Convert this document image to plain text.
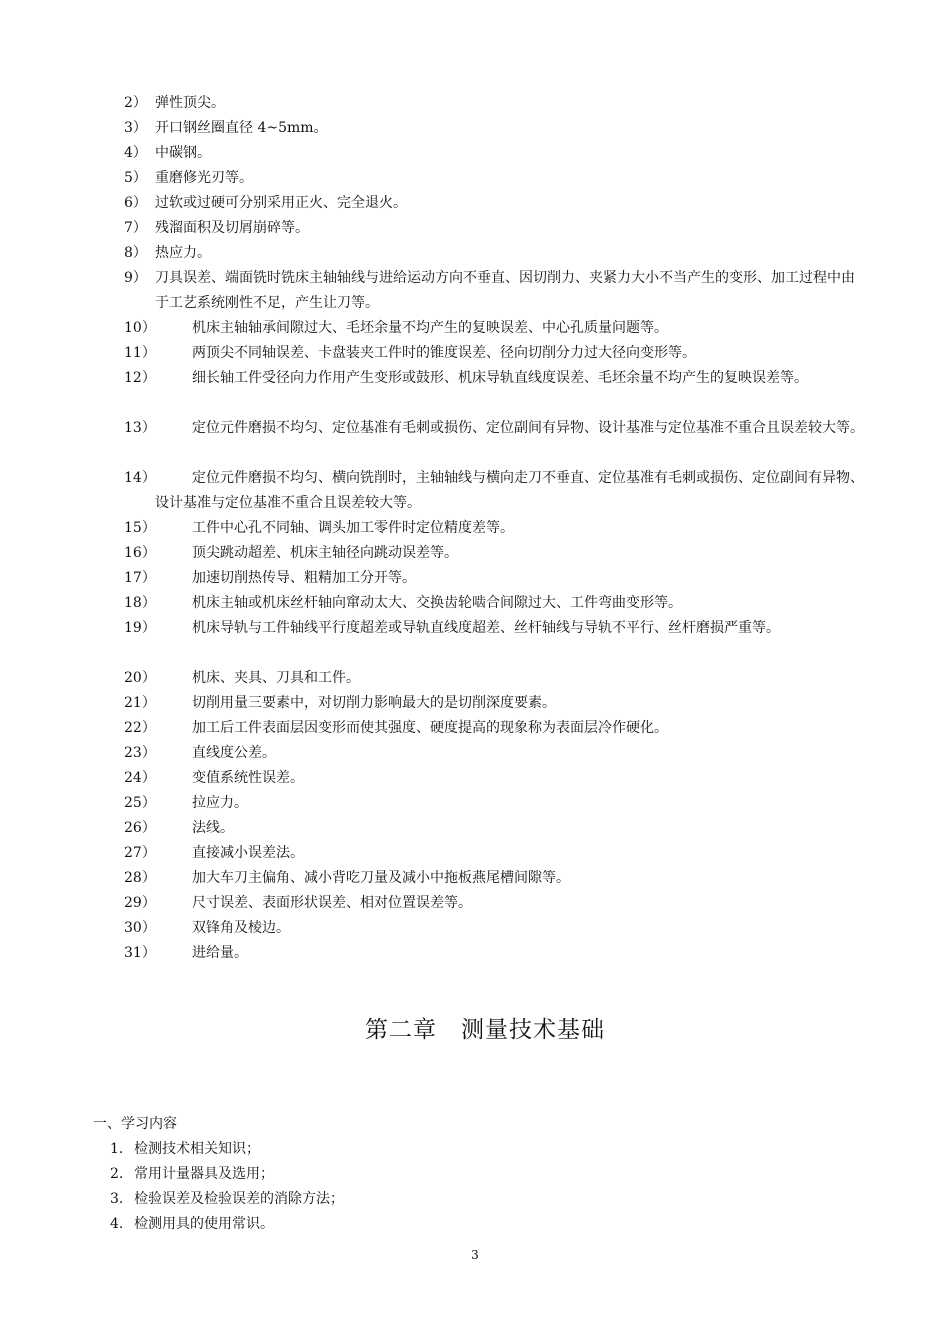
2） 弹性顶尖。
3） 开口钢丝圈直径 4~5mm。
4） 中碳钢。
5） 重磨修光刃等。
6） 过软或过硬可分别采用正火、完全退火。
7） 残溜面积及切屑崩碎等。
8） 热应力。
9） 刀具误差、端面铣时铣床主轴轴线与进给运动方向不垂直、因切削力、夹紧力大小不当产生的变形、加工过程中由于工艺系统刚性不足，产生让刀等。
10）	机床主轴轴承间隙过大、毛坯余量不均产生的复映误差、中心孔质量问题等。
11）	两顶尖不同轴误差、卡盘装夹工件时的锥度误差、径向切削分力过大径向变形等。
12）	细长轴工件受径向力作用产生变形或鼓形、机床导轨直线度误差、毛坯余量不均产生的复映误差等。
13）	定位元件磨损不均匀、定位基准有毛刺或损伤、定位副间有异物、设计基准与定位基准不重合且误差较大等。
14）	定位元件磨损不均匀、横向铣削时，主轴轴线与横向走刀不垂直、定位基准有毛刺或损伤、定位副间有异物、设计基准与定位基准不重合且误差较大等。
15）	工件中心孔不同轴、调头加工零件时定位精度差等。
16）	顶尖跳动超差、机床主轴径向跳动误差等。
17）	加速切削热传导、粗精加工分开等。
18）	机床主轴或机床丝杆轴向窜动太大、交换齿轮啮合间隙过大、工件弯曲变形等。
19）	机床导轨与工件轴线平行度超差或导轨直线度超差、丝杆轴线与导轨不平行、丝杆磨损严重等。
20）	机床、夹具、刀具和工件。
21）	切削用量三要素中，对切削力影响最大的是切削深度要素。
22）	加工后工件表面层因变形而使其强度、硬度提高的现象称为表面层冷作硬化。
23）	直线度公差。
24）	变值系统性误差。
25）	拉应力。
26）	法线。
27）	直接减小误差法。
28）	加大车刀主偏角、减小背吃刀量及减小中拖板燕尾槽间隙等。
29）	尺寸误差、表面形状误差、相对位置误差等。
30）	双锋角及棱边。
31）	进给量。
第二章　测量技术基础
一、学习内容
1. 检测技术相关知识；
2. 常用计量器具及选用；
3. 检验误差及检验误差的消除方法；
4. 检测用具的使用常识。
3
